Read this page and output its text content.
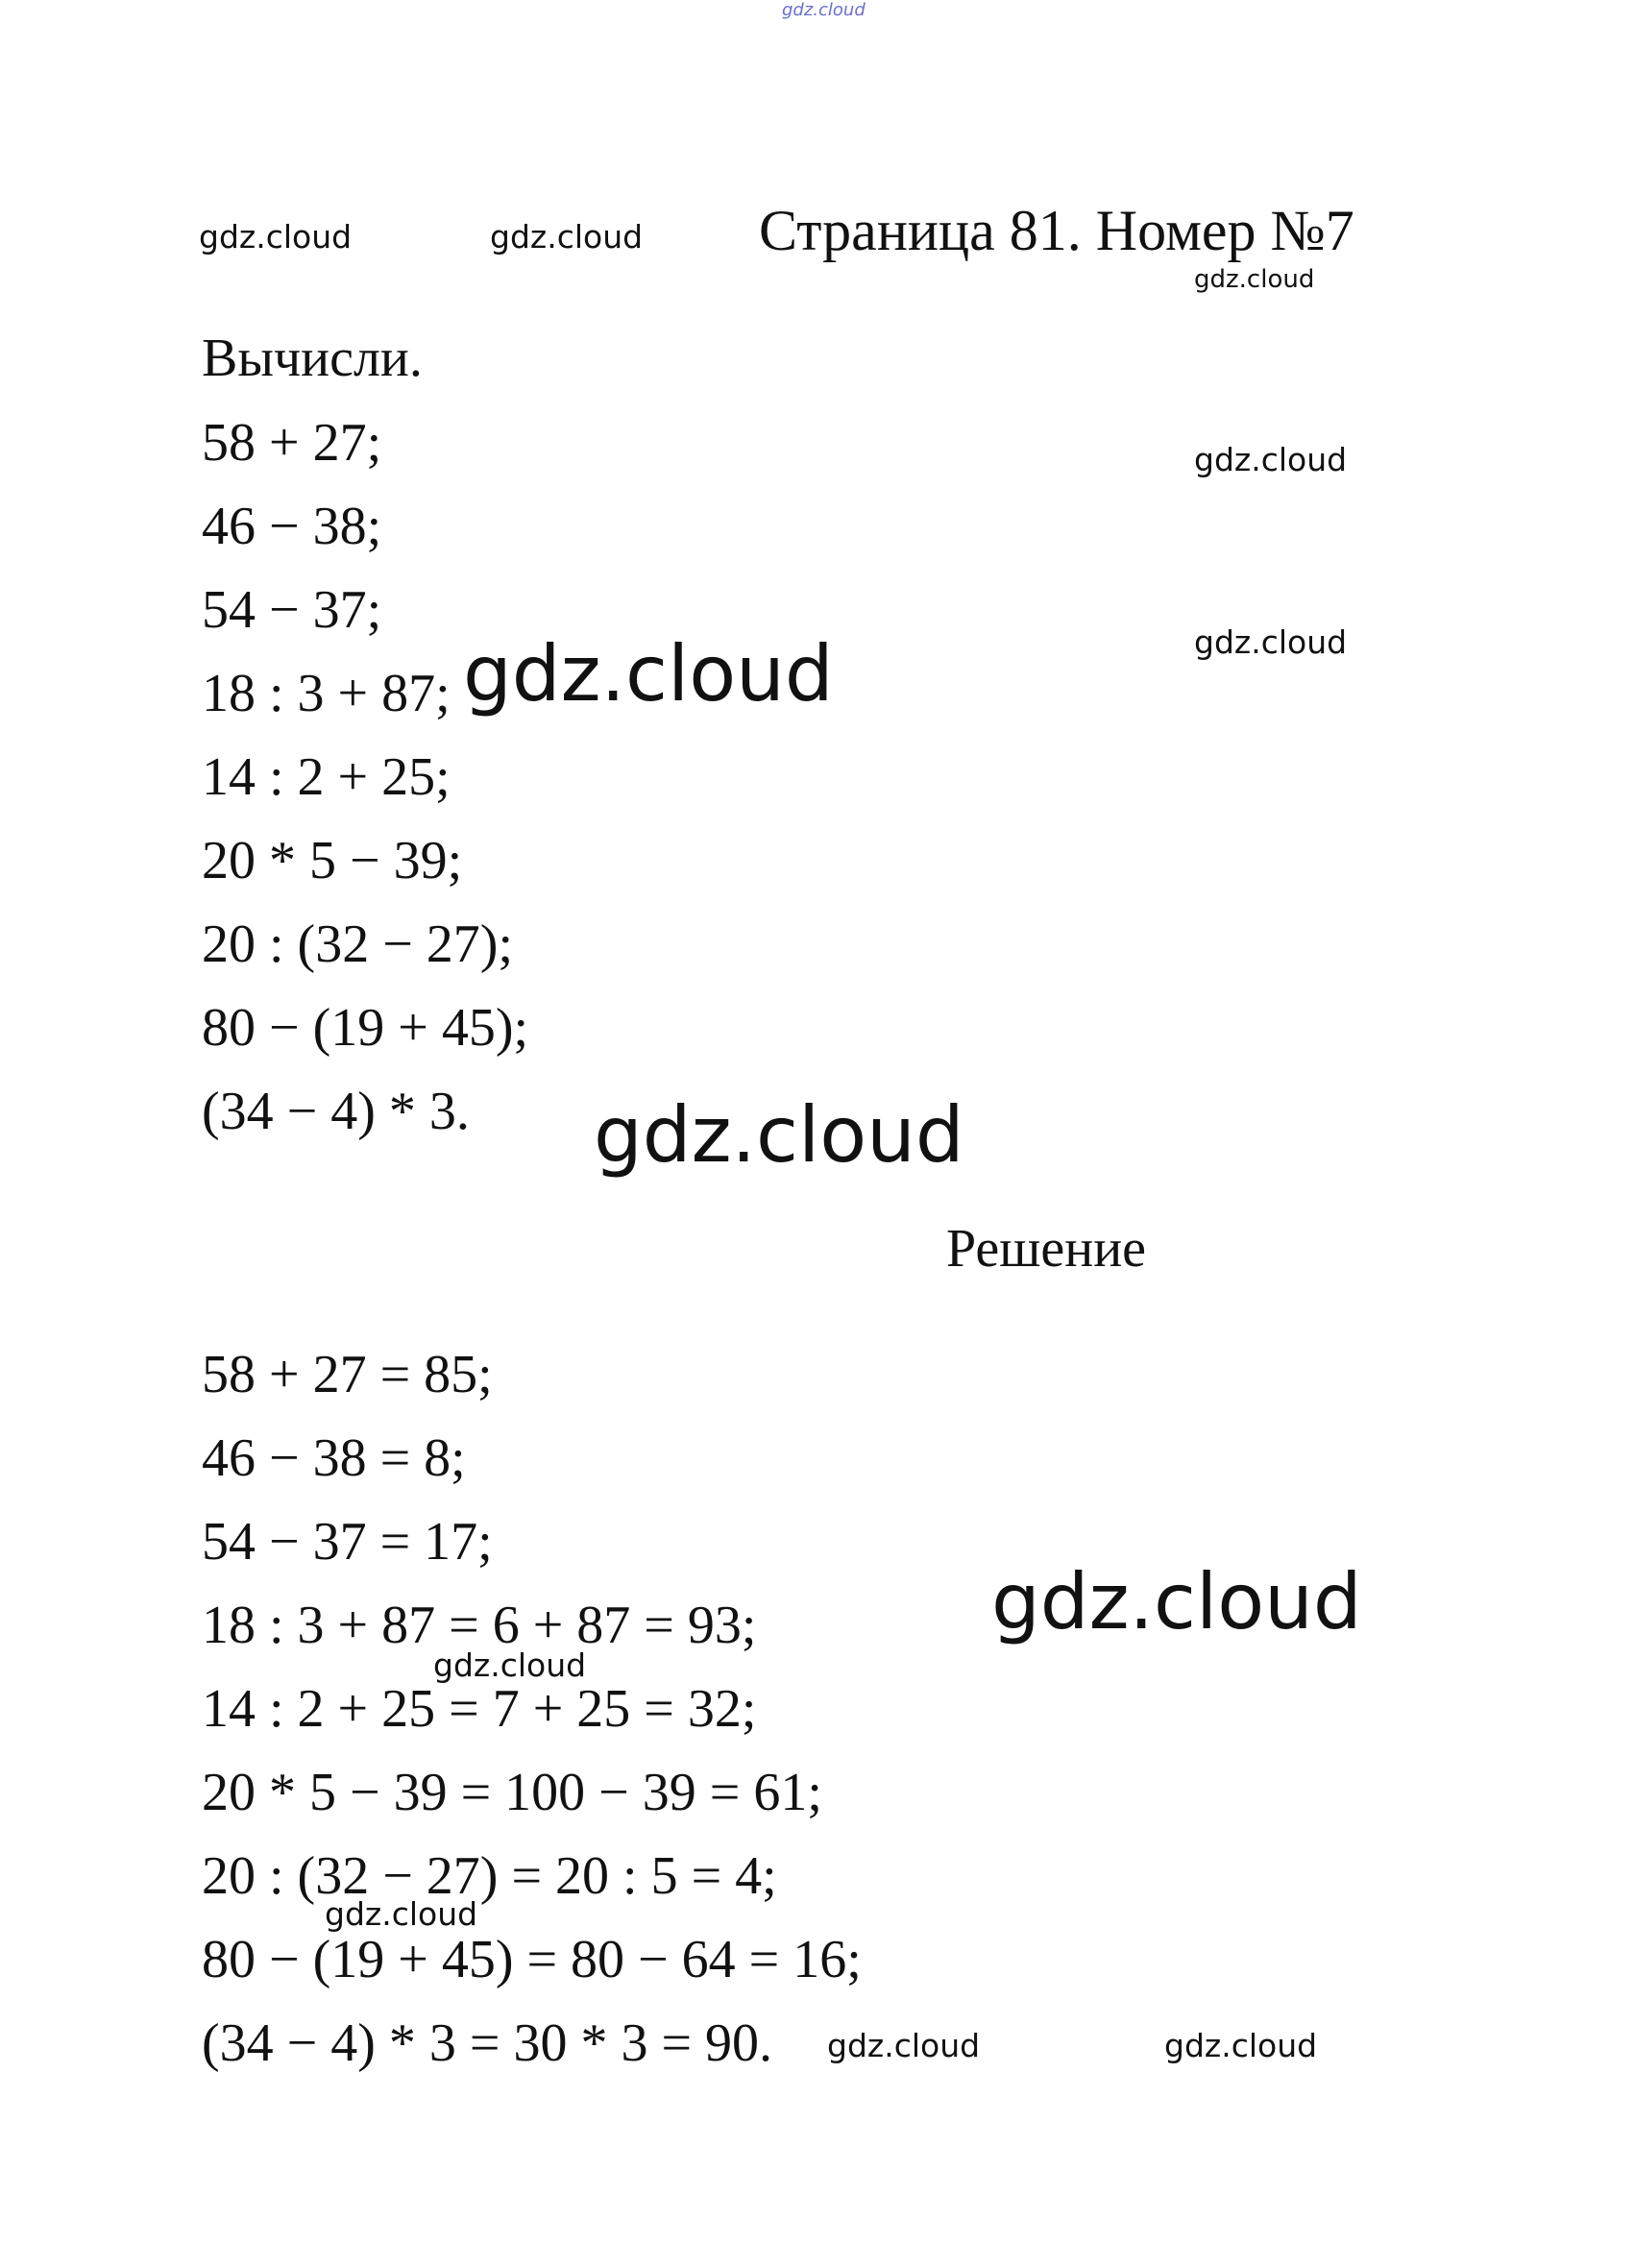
gdz.cloud
gdz.cloud	gdz.cloud
gdz.cloud
gdz.cloud
gdz.cloud
gdz.cloud
gdz.cloud
gdz.cloud
gdz.cloud
gdz.cloud
gdz.cloud	gdz.cloud
Страница 81. Номер №7
Вычисли.
58 + 27;
46 − 38;
54 − 37;
18 : 3 + 87;
14 : 2 + 25;
20 * 5 − 39;
20 : (32 − 27);
80 − (19 + 45);
(34 − 4) * 3.
Решение
58 + 27 = 85;
46 − 38 = 8;
54 − 37 = 17;
18 : 3 + 87 = 6 + 87 = 93;
14 : 2 + 25 = 7 + 25 = 32;
20 * 5 − 39 = 100 − 39 = 61;
20 : (32 − 27) = 20 : 5 = 4;
80 − (19 + 45) = 80 − 64 = 16;
(34 − 4) * 3 = 30 * 3 = 90.
